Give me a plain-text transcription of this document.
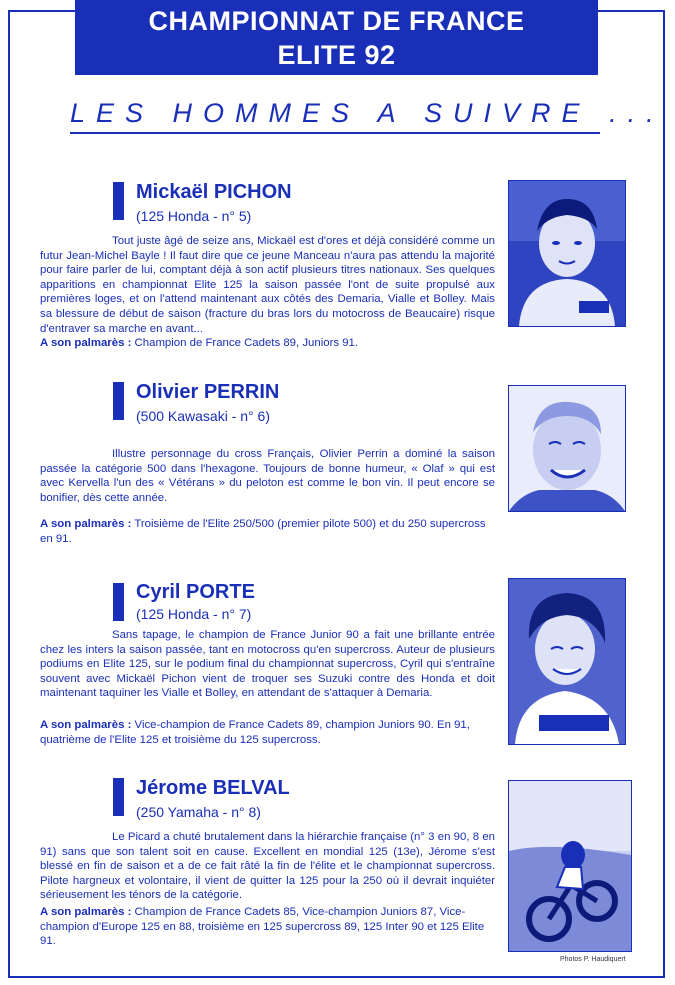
CHAMPIONNAT DE FRANCE
ELITE 92
LES HOMMES A SUIVRE ...
Mickaël PICHON
(125 Honda - n° 5)
Tout juste âgé de seize ans, Mickaël est d'ores et déjà considéré comme un futur Jean-Michel Bayle ! Il faut dire que ce jeune Manceau n'aura pas attendu la majorité pour faire parler de lui, comptant déjà à son actif plusieurs titres nationaux. Ses quelques apparitions en championnat Elite 125 la saison passée l'ont de suite propulsé aux premières loges, et on l'attend maintenant aux côtés des Demaria, Vialle et Bolley. Mais sa blessure de début de saison (fracture du bras lors du motocross de Beaucaire) risque d'entraver sa marche en avant...
A son palmarès : Champion de France Cadets 89, Juniors 91.
Olivier PERRIN
(500 Kawasaki - n° 6)
Illustre personnage du cross Français, Olivier Perrin a dominé la saison passée la catégorie 500 dans l'hexagone. Toujours de bonne humeur, « Olaf » qui est avec Kervella l'un des « Vétérans » du peloton est comme le bon vin. Il peut encore se bonifier, dès cette année.
A son palmarès : Troisième de l'Elite 250/500 (premier pilote 500) et du 250 supercross en 91.
Cyril PORTE
(125 Honda - n° 7)
Sans tapage, le champion de France Junior 90 a fait une brillante entrée chez les inters la saison passée, tant en motocross qu'en supercross. Auteur de plusieurs podiums en Elite 125, sur le podium final du championnat supercross, Cyril qui s'entraîne souvent avec Mickaël Pichon vient de troquer ses Suzuki contre des Honda et doit maintenant taquiner les Vialle et Bolley, en attendant de s'attaquer à Demaria.
A son palmarès : Vice-champion de France Cadets 89, champion Juniors 90. En 91, quatrième de l'Elite 125 et troisième du 125 supercross.
Jérome BELVAL
(250 Yamaha - n° 8)
Le Picard a chuté brutalement dans la hiérarchie française (n° 3 en 90, 8 en 91) sans que son talent soit en cause. Excellent en mondial 125 (13e), Jérome s'est blessé en fin de saison et a de ce fait râté la fin de l'élite et le championnat supercross. Pilote hargneux et volontaire, il vient de quitter la 125 pour la 250 où il devrait inquiéter sérieusement les ténors de la catégorie.
A son palmarès : Champion de France Cadets 85, Vice-champion Juniors 87, Vice-champion d'Europe 125 en 88, troisième en 125 supercross 89, 125 Inter 90 et 125 Elite 91.
Photos P. Haudiquert
